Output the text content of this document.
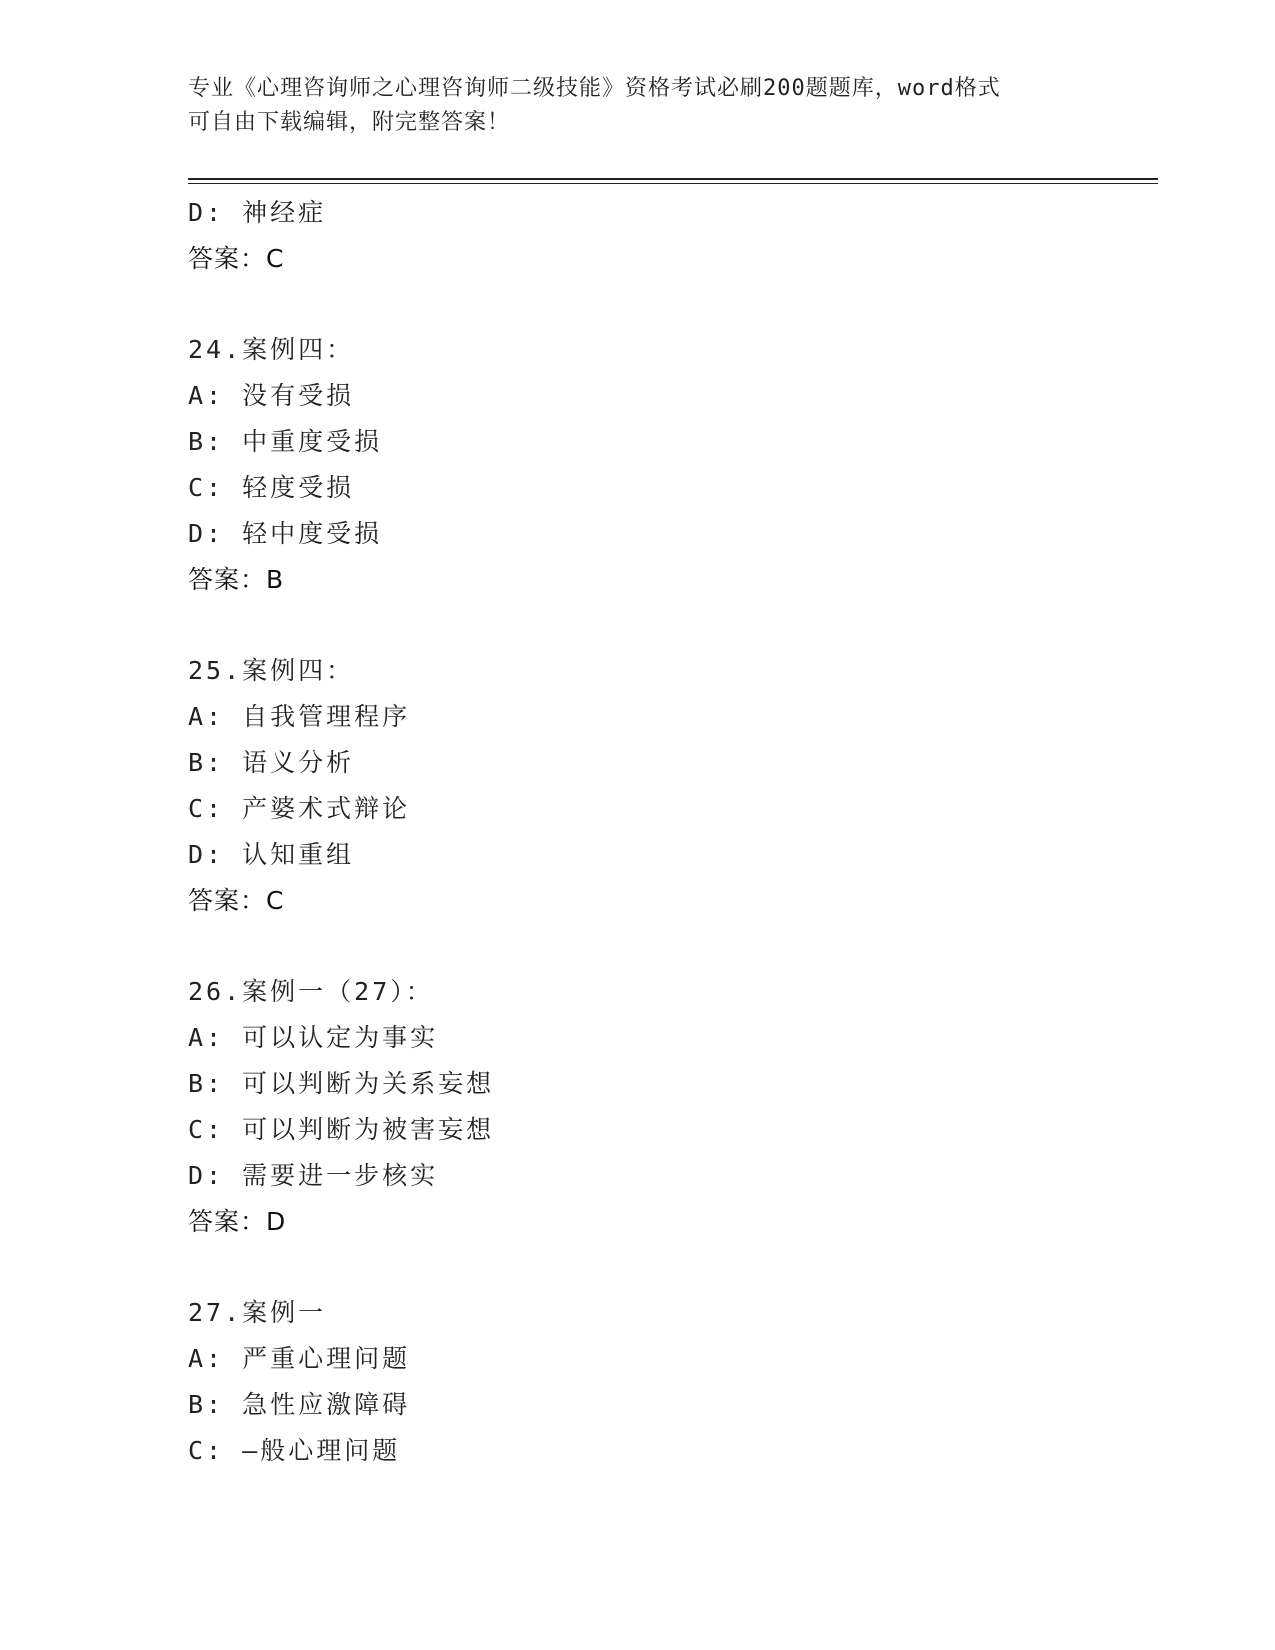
专业《心理咨询师之心理咨询师二级技能》资格考试必刷200题题库，word格式
可自由下载编辑，附完整答案！
D: 神经症
答案：C
24.案例四：
A: 没有受损
B: 中重度受损
C: 轻度受损
D: 轻中度受损
答案：B
25.案例四：
A: 自我管理程序
B: 语义分析
C: 产婆术式辩论
D: 认知重组
答案：C
26.案例一（27）：
A: 可以认定为事实
B: 可以判断为关系妄想
C: 可以判断为被害妄想
D: 需要进一步核实
答案：D
27.案例一
A: 严重心理问题
B: 急性应激障碍
C: —般心理问题
